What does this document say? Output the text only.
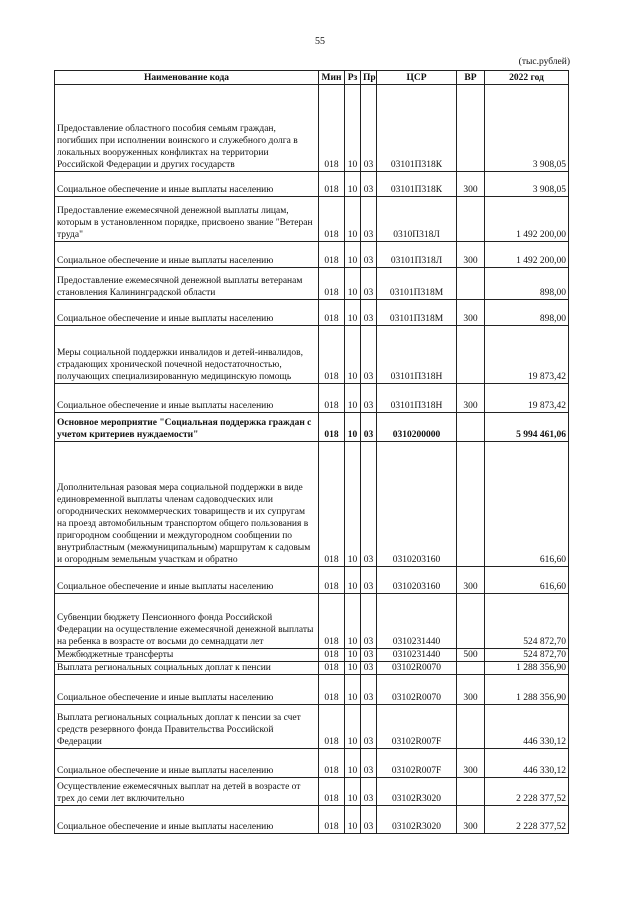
55
(тыс.рублей)
Наименование кода	Мин	Рз	Пр	ЦСР	ВР	2022 год
Предоставление областного пособия семьям граждан, погибших при исполнении воинского и служебного долга в локальных вооруженных конфликтах на территории Российской Федерации и других государств	018	10	03	03101П318К		3 908,05
Социальное обеспечение и иные выплаты населению	018	10	03	03101П318К	300	3 908,05
Предоставление ежемесячной денежной выплаты лицам, которым в установленном порядке, присвоено звание "Ветеран труда"	018	10	03	0310П318Л		1 492 200,00
Социальное обеспечение и иные выплаты населению	018	10	03	03101П318Л	300	1 492 200,00
Предоставление ежемесячной денежной выплаты ветеранам становления Калининградской области	018	10	03	03101П318М		898,00
Социальное обеспечение и иные выплаты населению	018	10	03	03101П318М	300	898,00
Меры социальной поддержки инвалидов и детей-инвалидов, страдающих хронической почечной недостаточностью, получающих специализированную медицинскую помощь	018	10	03	03101П318Н		19 873,42
Социальное обеспечение и иные выплаты населению	018	10	03	03101П318Н	300	19 873,42
Основное мероприятие "Социальная поддержка граждан с учетом критериев нуждаемости"	018	10	03	0310200000		5 994 461,06
Дополнительная разовая мера социальной поддержки в виде единовременной выплаты членам садоводческих или огороднических некоммерческих товариществ и их супругам на проезд автомобильным транспортом общего пользования в пригородном сообщении и междугородном сообщении по внутрибластным (межмуниципальным) маршрутам к садовым и огородным земельным участкам и обратно	018	10	03	0310203160		616,60
Социальное обеспечение и иные выплаты населению	018	10	03	0310203160	300	616,60
Субвенции бюджету Пенсионного фонда Российской Федерации на осуществление ежемесячной денежной выплаты на ребенка в возрасте от восьми до семнадцати лет	018	10	03	0310231440		524 872,70
Межбюджетные трансферты	018	10	03	0310231440	500	524 872,70
Выплата региональных социальных доплат к пенсии	018	10	03	03102R0070		1 288 356,90
Социальное обеспечение и иные выплаты населению	018	10	03	03102R0070	300	1 288 356,90
Выплата региональных социальных доплат к пенсии за счет средств резервного фонда Правительства Российской Федерации	018	10	03	03102R007F		446 330,12
Социальное обеспечение и иные выплаты населению	018	10	03	03102R007F	300	446 330,12
Осуществление ежемесячных выплат на детей в возрасте от трех до семи лет включительно	018	10	03	03102R3020		2 228 377,52
Социальное обеспечение и иные выплаты населению	018	10	03	03102R3020	300	2 228 377,52
